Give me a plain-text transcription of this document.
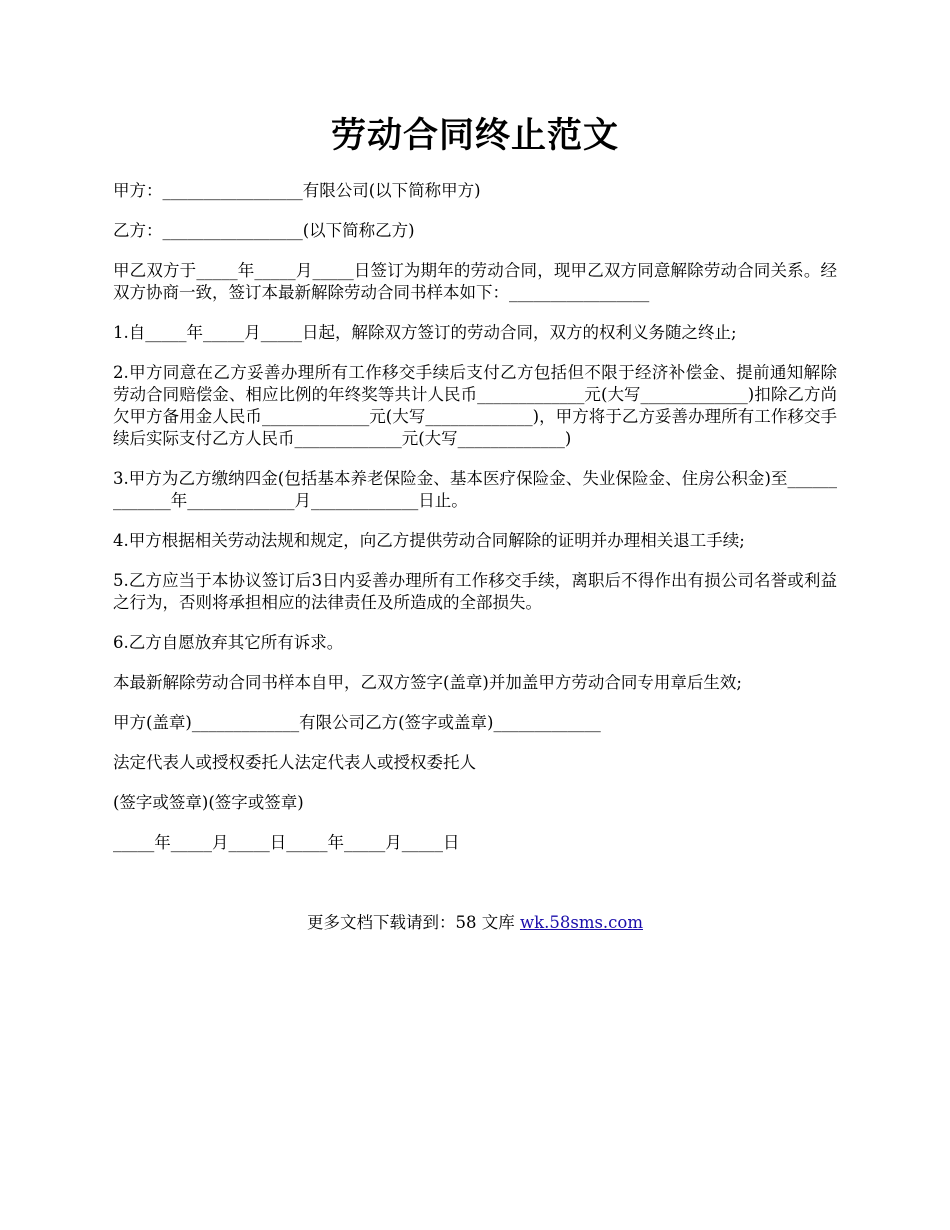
劳动合同终止范文

甲方：_________________有限公司(以下简称甲方)

乙方：_________________(以下简称乙方)

甲乙双方于_____年_____月_____日签订为期年的劳动合同，现甲乙双方同意解除劳动合同关系。经双方协商一致，签订本最新解除劳动合同书样本如下：_________________

1.自_____年_____月_____日起，解除双方签订的劳动合同，双方的权利义务随之终止;

2.甲方同意在乙方妥善办理所有工作移交手续后支付乙方包括但不限于经济补偿金、提前通知解除劳动合同赔偿金、相应比例的年终奖等共计人民币_____________元(大写_____________)扣除乙方尚欠甲方备用金人民币_____________元(大写_____________)，甲方将于乙方妥善办理所有工作移交手续后实际支付乙方人民币_____________元(大写_____________)

3.甲方为乙方缴纳四金(包括基本养老保险金、基本医疗保险金、失业保险金、住房公积金)至_____________年_____________月_____________日止。

4.甲方根据相关劳动法规和规定，向乙方提供劳动合同解除的证明并办理相关退工手续;

5.乙方应当于本协议签订后3日内妥善办理所有工作移交手续，离职后不得作出有损公司名誉或利益之行为，否则将承担相应的法律责任及所造成的全部损失。

6.乙方自愿放弃其它所有诉求。

本最新解除劳动合同书样本自甲，乙双方签字(盖章)并加盖甲方劳动合同专用章后生效;

甲方(盖章)_____________有限公司乙方(签字或盖章)_____________

法定代表人或授权委托人法定代表人或授权委托人

(签字或签章)(签字或签章)

_____年_____月_____日_____年_____月_____日

更多文档下载请到：58 文库 wk.58sms.com
